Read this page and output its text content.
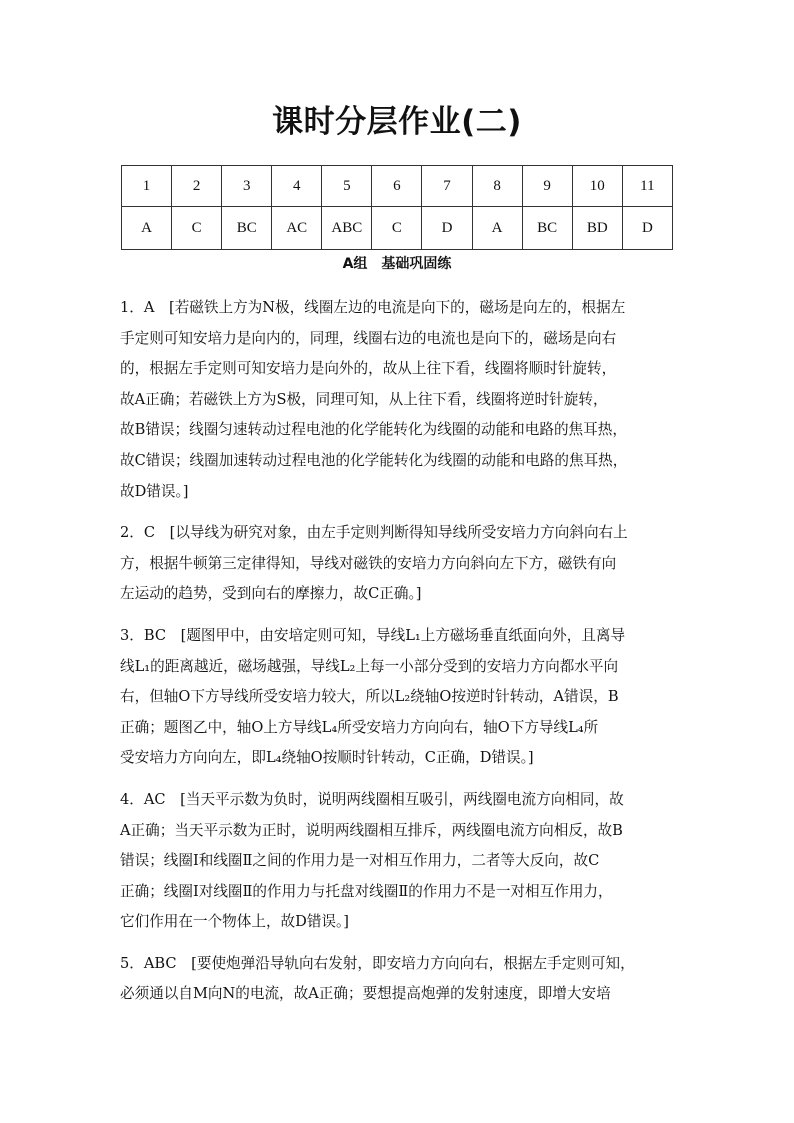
课时分层作业(二)
1	2	3	4	5	6	7	8	9	10	11
A	C	BC	AC	ABC	C	D	A	BC	BD	D
A组　基础巩固练
1．A　[若磁铁上方为N极，线圈左边的电流是向下的，磁场是向左的，根据左
手定则可知安培力是向内的，同理，线圈右边的电流也是向下的，磁场是向右
的，根据左手定则可知安培力是向外的，故从上往下看，线圈将顺时针旋转，
故A正确；若磁铁上方为S极，同理可知，从上往下看，线圈将逆时针旋转，
故B错误；线圈匀速转动过程电池的化学能转化为线圈的动能和电路的焦耳热，
故C错误；线圈加速转动过程电池的化学能转化为线圈的动能和电路的焦耳热，
故D错误。]
2．C　[以导线为研究对象，由左手定则判断得知导线所受安培力方向斜向右上
方，根据牛顿第三定律得知，导线对磁铁的安培力方向斜向左下方，磁铁有向
左运动的趋势，受到向右的摩擦力，故C正确。]
3．BC　[题图甲中，由安培定则可知，导线L₁上方磁场垂直纸面向外，且离导
线L₁的距离越近，磁场越强，导线L₂上每一小部分受到的安培力方向都水平向
右，但轴O下方导线所受安培力较大，所以L₂绕轴O按逆时针转动，A错误，B
正确；题图乙中，轴O上方导线L₄所受安培力方向向右，轴O下方导线L₄所
受安培力方向向左，即L₄绕轴O按顺时针转动，C正确，D错误。]
4．AC　[当天平示数为负时，说明两线圈相互吸引，两线圈电流方向相同，故
A正确；当天平示数为正时，说明两线圈相互排斥，两线圈电流方向相反，故B
错误；线圈Ⅰ和线圈Ⅱ之间的作用力是一对相互作用力，二者等大反向，故C
正确；线圈Ⅰ对线圈Ⅱ的作用力与托盘对线圈Ⅱ的作用力不是一对相互作用力，
它们作用在一个物体上，故D错误。]
5．ABC　[要使炮弹沿导轨向右发射，即安培力方向向右，根据左手定则可知，
必须通以自M向N的电流，故A正确；要想提高炮弹的发射速度，即增大安培
